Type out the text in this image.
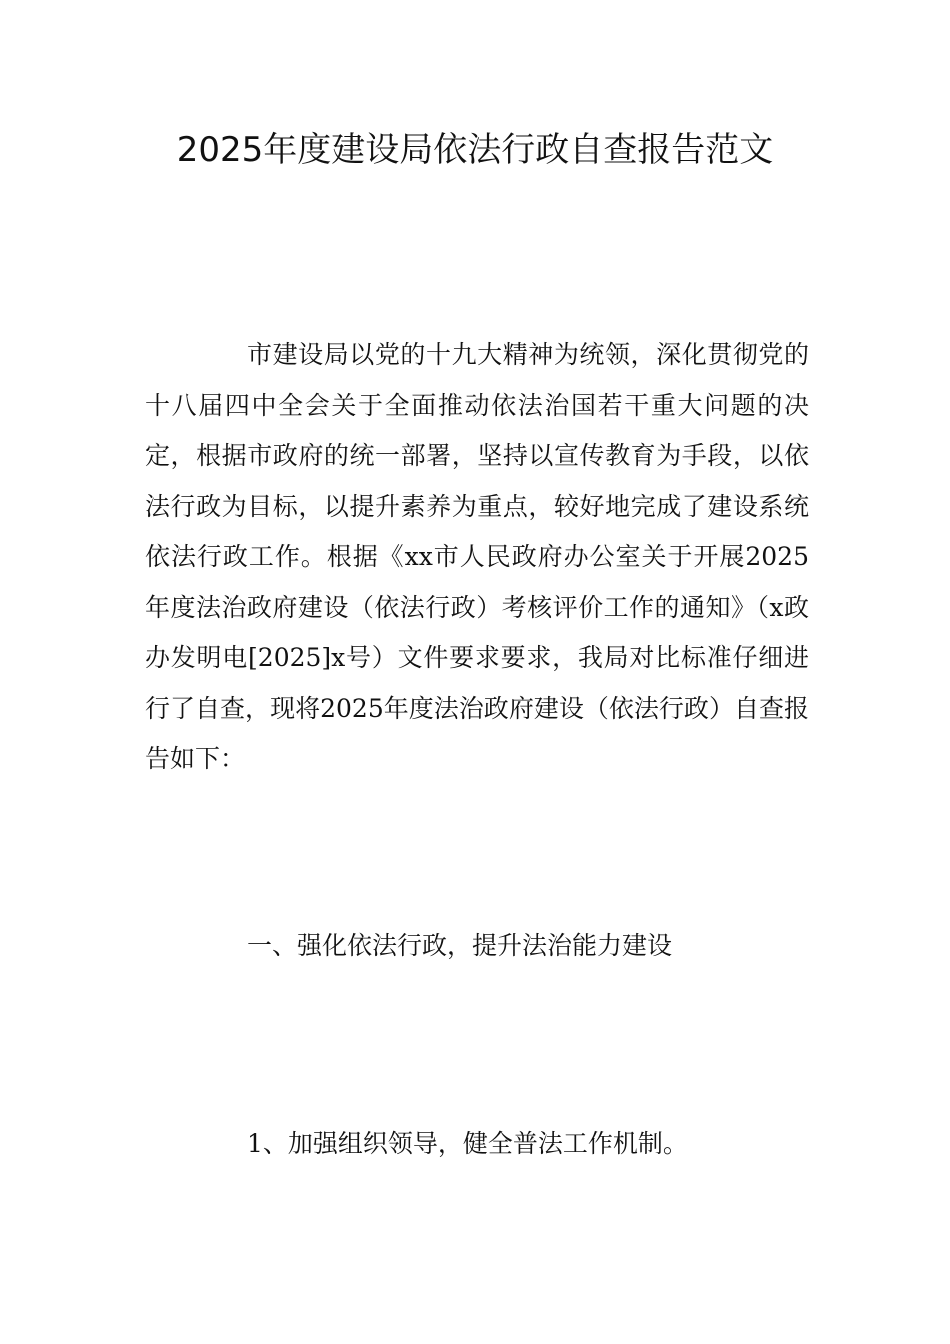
2025年度建设局依法行政自查报告范文

市建设局以党的十九大精神为统领，深化贯彻党的十八届四中全会关于全面推动依法治国若干重大问题的决定，根据市政府的统一部署，坚持以宣传教育为手段，以依法行政为目标，以提升素养为重点，较好地完成了建设系统依法行政工作。根据《xx市人民政府办公室关于开展2025年度法治政府建设（依法行政）考核评价工作的通知》（x政办发明电[2025]x号）文件要求要求，我局对比标准仔细进行了自查，现将2025年度法治政府建设（依法行政）自查报告如下：

一、强化依法行政，提升法治能力建设
1、加强组织领导，健全普法工作机制。
